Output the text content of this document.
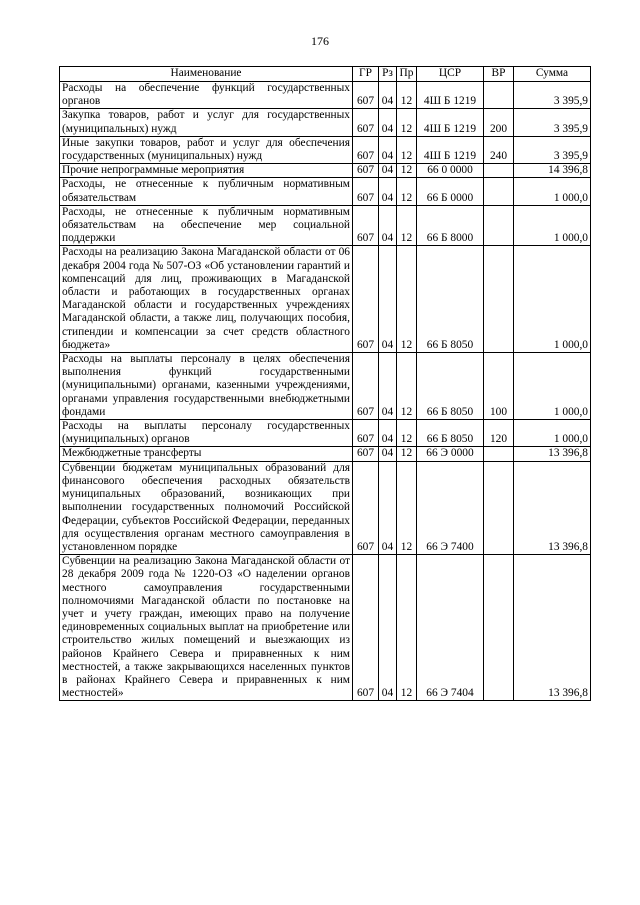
176
Наименование	ГР	Рз	Пр	ЦСР	ВР	Сумма
Расходы на обеспечение функций государственных органов	607	04	12	4Ш Б 1219		3 395,9
Закупка товаров, работ и услуг для государственных (муниципальных) нужд	607	04	12	4Ш Б 1219	200	3 395,9
Иные закупки товаров, работ и услуг для обеспечения государственных (муниципальных) нужд	607	04	12	4Ш Б 1219	240	3 395,9
Прочие непрограммные мероприятия	607	04	12	66 0 0000		14 396,8
Расходы, не отнесенные к публичным нормативным обязательствам	607	04	12	66 Б 0000		1 000,0
Расходы, не отнесенные к публичным нормативным обязательствам на обеспечение мер социальной поддержки	607	04	12	66 Б 8000		1 000,0
Расходы на реализацию Закона Магаданской области от 06 декабря 2004 года № 507-ОЗ «Об установлении гарантий и компенсаций для лиц, проживающих в Магаданской области и работающих в государственных органах Магаданской области и государственных учреждениях Магаданской области, а также лиц, получающих пособия, стипендии и компенсации за счет средств областного бюджета»	607	04	12	66 Б 8050		1 000,0
Расходы на выплаты персоналу в целях обеспечения выполнения функций государственными (муниципальными) органами, казенными учреждениями, органами управления государственными внебюджетными фондами	607	04	12	66 Б 8050	100	1 000,0
Расходы на выплаты персоналу государственных (муниципальных) органов	607	04	12	66 Б 8050	120	1 000,0
Межбюджетные трансферты	607	04	12	66 Э 0000		13 396,8
Субвенции бюджетам муниципальных образований для финансового обеспечения расходных обязательств муниципальных образований, возникающих при выполнении государственных полномочий Российской Федерации, субъектов Российской Федерации, переданных для осуществления органам местного самоуправления в установленном порядке	607	04	12	66 Э 7400		13 396,8
Субвенции на реализацию Закона Магаданской области от 28 декабря 2009 года № 1220-ОЗ «О наделении органов местного самоуправления государственными полномочиями Магаданской области по постановке на учет и учету граждан, имеющих право на получение единовременных социальных выплат на приобретение или строительство жилых помещений и выезжающих из районов Крайнего Севера и приравненных к ним местностей, а также закрывающихся населенных пунктов в районах Крайнего Севера и приравненных к ним местностей»	607	04	12	66 Э 7404		13 396,8
